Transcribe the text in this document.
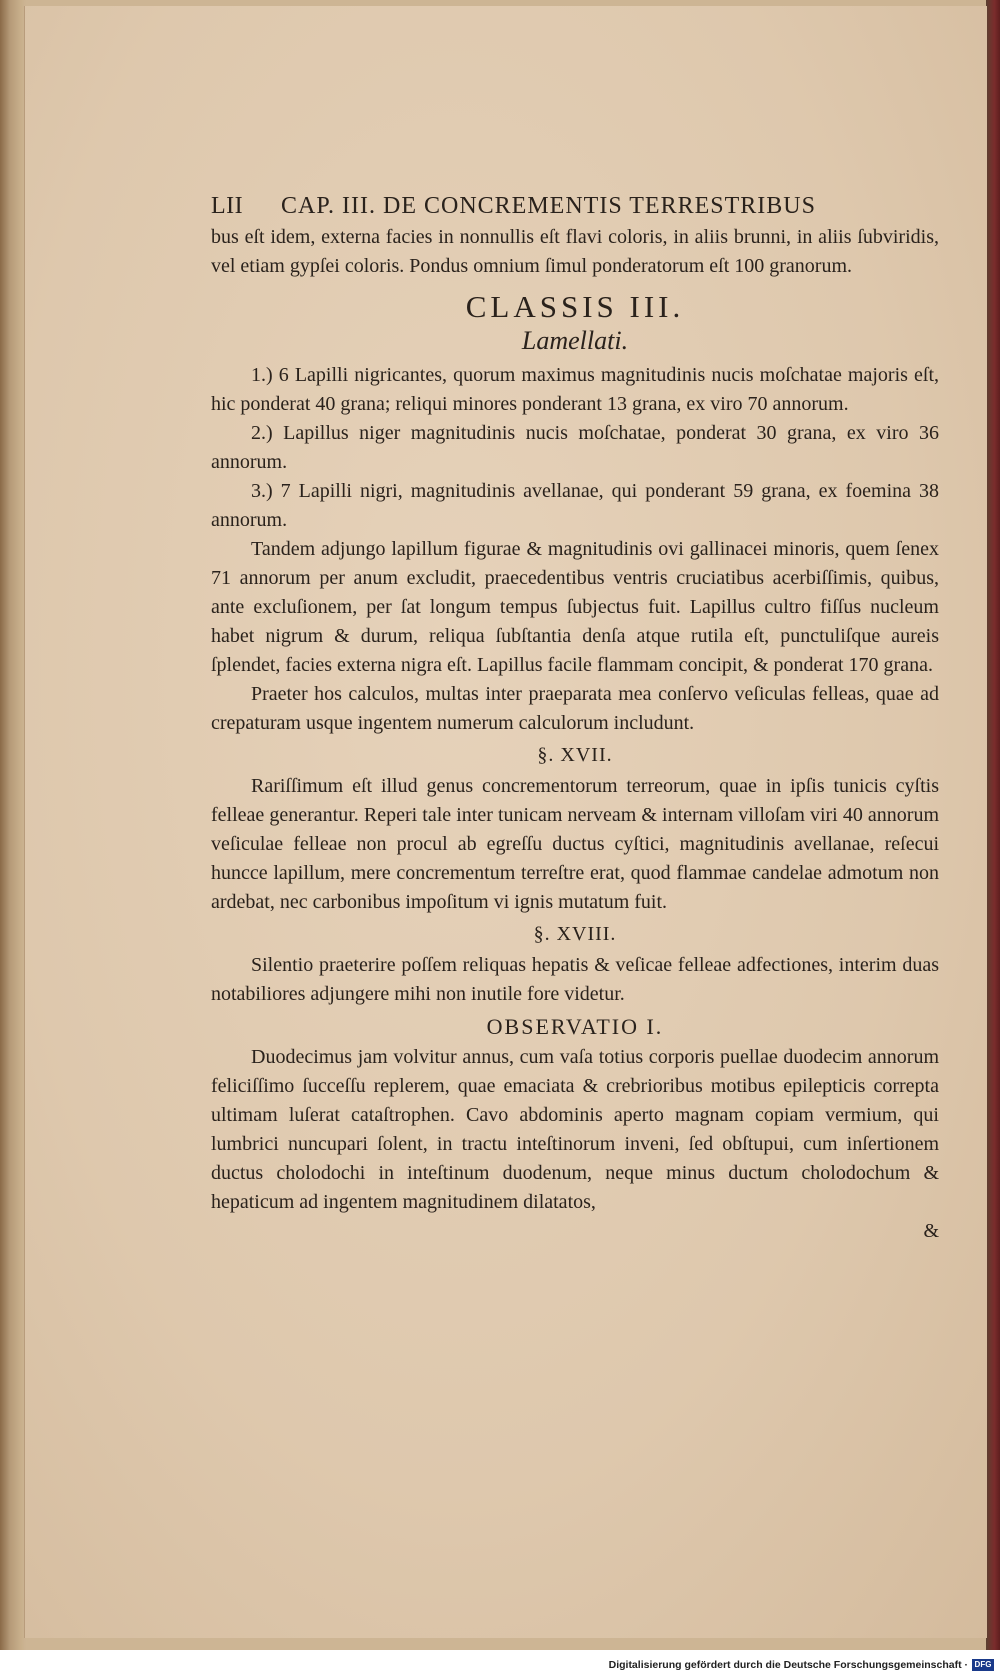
LII	CAP. III. DE CONCREMENTIS TERRESTRIBUS

bus eſt idem, externa facies in nonnullis eſt flavi coloris, in aliis brunni, in aliis ſubviridis, vel etiam gypſei coloris. Pondus omnium ſimul ponderatorum eſt 100 granorum.

CLASSIS III.
Lamellati.

1.) 6 Lapilli nigricantes, quorum maximus magnitudinis nucis moſchatae majoris eſt, hic ponderat 40 grana; reliqui minores ponderant 13 grana, ex viro 70 annorum.

2.) Lapillus niger magnitudinis nucis moſchatae, ponderat 30 grana, ex viro 36 annorum.

3.) 7 Lapilli nigri, magnitudinis avellanae, qui ponderant 59 grana, ex foemina 38 annorum.

Tandem adjungo lapillum figurae & magnitudinis ovi gallinacei minoris, quem ſenex 71 annorum per anum excludit, praecedentibus ventris cruciatibus acerbiſſimis, quibus, ante excluſionem, per ſat longum tempus ſubjectus fuit. Lapillus cultro fiſſus nucleum habet nigrum & durum, reliqua ſubſtantia denſa atque rutila eſt, punctuliſque aureis ſplendet, facies externa nigra eſt. Lapillus facile flammam concipit, & ponderat 170 grana.

Praeter hos calculos, multas inter praeparata mea conſervo veſiculas felleas, quae ad crepaturam usque ingentem numerum calculorum includunt.

§. XVII.

Rariſſimum eſt illud genus concrementorum terreorum, quae in ipſis tunicis cyſtis felleae generantur. Reperi tale inter tunicam nerveam & internam villoſam viri 40 annorum veſiculae felleae non procul ab egreſſu ductus cyſtici, magnitudinis avellanae, reſecui huncce lapillum, mere concrementum terreſtre erat, quod flammae candelae admotum non ardebat, nec carbonibus impoſitum vi ignis mutatum fuit.

§. XVIII.

Silentio praeterire poſſem reliquas hepatis & veſicae felleae adfectiones, interim duas notabiliores adjungere mihi non inutile fore videtur.

OBSERVATIO I.

Duodecimus jam volvitur annus, cum vaſa totius corporis puellae duodecim annorum feliciſſimo ſucceſſu replerem, quae emaciata & crebrioribus motibus epilepticis correpta ultimam luſerat cataſtrophen. Cavo abdominis aperto magnam copiam vermium, qui lumbrici nuncupari ſolent, in tractu inteſtinorum inveni, ſed obſtupui, cum inſertionem ductus cholodochi in inteſtinum duodenum, neque minus ductum cholodochum & hepaticum ad ingentem magnitudinem dilatatos,

&
Digitalisierung gefördert durch die Deutsche Forschungsgemeinschaft · DFG
